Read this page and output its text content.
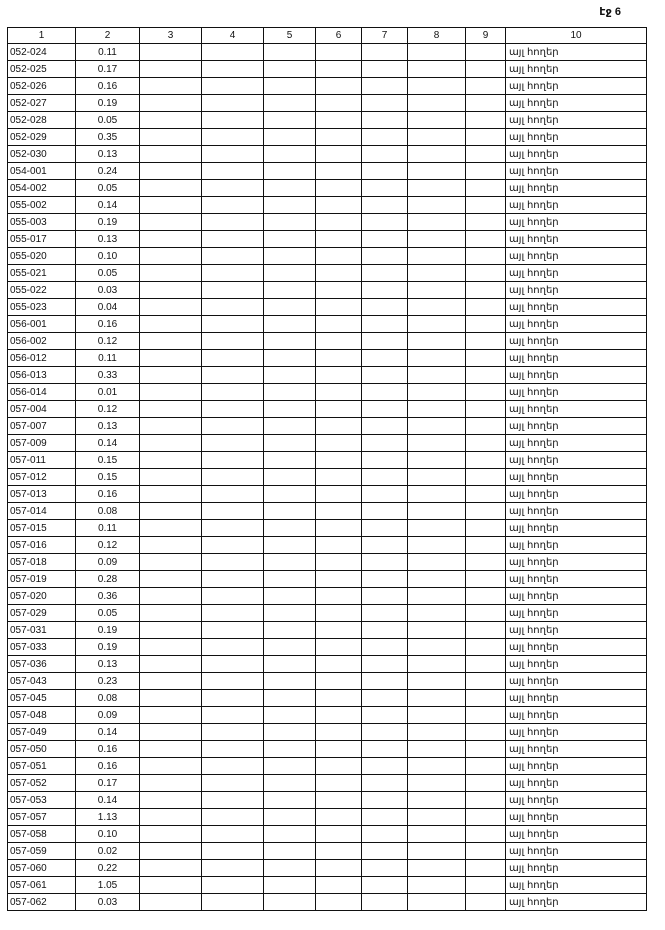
էջ 6
1	2	3	4	5	6	7	8	9	10
052-024	0.11								այլ հողեր
052-025	0.17								այլ հողեր
052-026	0.16								այլ հողեր
052-027	0.19								այլ հողեր
052-028	0.05								այլ հողեր
052-029	0.35								այլ հողեր
052-030	0.13								այլ հողեր
054-001	0.24								այլ հողեր
054-002	0.05								այլ հողեր
055-002	0.14								այլ հողեր
055-003	0.19								այլ հողեր
055-017	0.13								այլ հողեր
055-020	0.10								այլ հողեր
055-021	0.05								այլ հողեր
055-022	0.03								այլ հողեր
055-023	0.04								այլ հողեր
056-001	0.16								այլ հողեր
056-002	0.12								այլ հողեր
056-012	0.11								այլ հողեր
056-013	0.33								այլ հողեր
056-014	0.01								այլ հողեր
057-004	0.12								այլ հողեր
057-007	0.13								այլ հողեր
057-009	0.14								այլ հողեր
057-011	0.15								այլ հողեր
057-012	0.15								այլ հողեր
057-013	0.16								այլ հողեր
057-014	0.08								այլ հողեր
057-015	0.11								այլ հողեր
057-016	0.12								այլ հողեր
057-018	0.09								այլ հողեր
057-019	0.28								այլ հողեր
057-020	0.36								այլ հողեր
057-029	0.05								այլ հողեր
057-031	0.19								այլ հողեր
057-033	0.19								այլ հողեր
057-036	0.13								այլ հողեր
057-043	0.23								այլ հողեր
057-045	0.08								այլ հողեր
057-048	0.09								այլ հողեր
057-049	0.14								այլ հողեր
057-050	0.16								այլ հողեր
057-051	0.16								այլ հողեր
057-052	0.17								այլ հողեր
057-053	0.14								այլ հողեր
057-057	1.13								այլ հողեր
057-058	0.10								այլ հողեր
057-059	0.02								այլ հողեր
057-060	0.22								այլ հողեր
057-061	1.05								այլ հողեր
057-062	0.03								այլ հողեր
